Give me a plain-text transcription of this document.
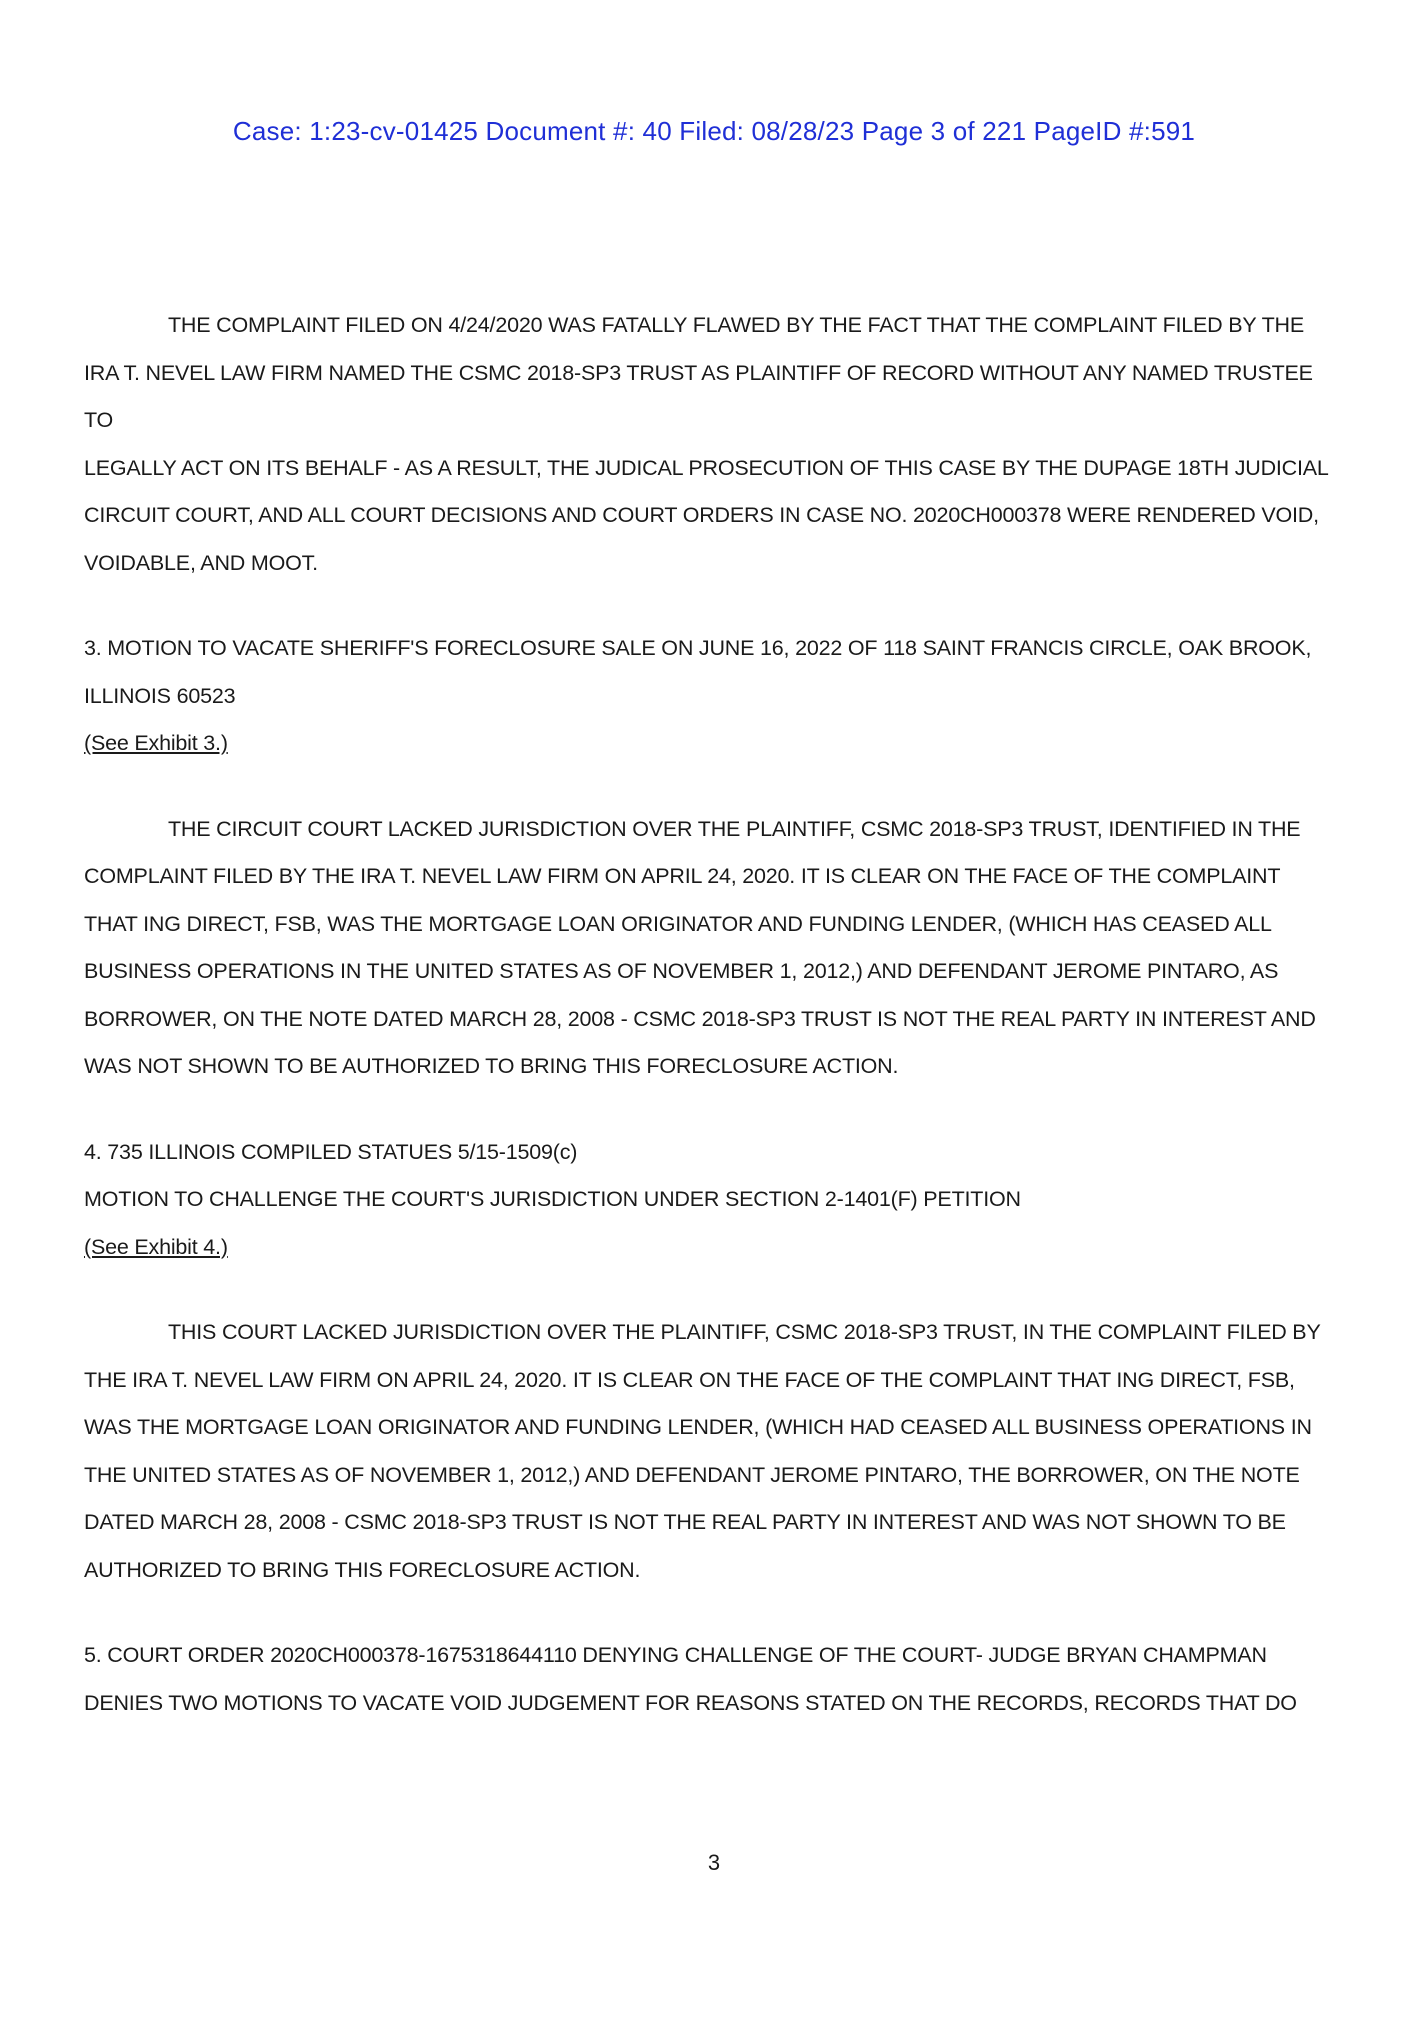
Case: 1:23-cv-01425 Document #: 40 Filed: 08/28/23 Page 3 of 221 PageID #:591
THE COMPLAINT FILED ON 4/24/2020 WAS FATALLY FLAWED BY THE FACT THAT THE COMPLAINT FILED BY THE
IRA T. NEVEL LAW FIRM NAMED THE CSMC 2018-SP3 TRUST AS PLAINTIFF OF RECORD WITHOUT ANY NAMED TRUSTEE
TO
LEGALLY ACT ON ITS BEHALF - AS A RESULT, THE JUDICAL PROSECUTION OF THIS CASE BY THE DUPAGE 18TH JUDICIAL
CIRCUIT COURT, AND ALL COURT DECISIONS AND COURT ORDERS IN CASE NO. 2020CH000378 WERE RENDERED VOID,
VOIDABLE, AND MOOT.
3. MOTION TO VACATE SHERIFF'S FORECLOSURE SALE ON JUNE 16, 2022 OF 118 SAINT FRANCIS CIRCLE, OAK BROOK,
ILLINOIS 60523
(See Exhibit 3.)
THE CIRCUIT COURT LACKED JURISDICTION OVER THE PLAINTIFF, CSMC 2018-SP3 TRUST, IDENTIFIED IN THE
COMPLAINT FILED BY THE IRA T. NEVEL LAW FIRM ON APRIL 24, 2020. IT IS CLEAR ON THE FACE OF THE COMPLAINT
THAT ING DIRECT, FSB, WAS THE MORTGAGE LOAN ORIGINATOR AND FUNDING LENDER, (WHICH HAS CEASED ALL
BUSINESS OPERATIONS IN THE UNITED STATES AS OF NOVEMBER 1, 2012,) AND DEFENDANT JEROME PINTARO, AS
BORROWER, ON THE NOTE DATED MARCH 28, 2008 - CSMC 2018-SP3 TRUST IS NOT THE REAL PARTY IN INTEREST AND
WAS NOT SHOWN TO BE AUTHORIZED TO BRING THIS FORECLOSURE ACTION.
4. 735 ILLINOIS COMPILED STATUES 5/15-1509(c)
MOTION TO CHALLENGE THE COURT'S JURISDICTION UNDER SECTION 2-1401(F) PETITION
(See Exhibit 4.)
THIS COURT LACKED JURISDICTION OVER THE PLAINTIFF, CSMC 2018-SP3 TRUST, IN THE COMPLAINT FILED BY
THE IRA T. NEVEL LAW FIRM ON APRIL 24, 2020. IT IS CLEAR ON THE FACE OF THE COMPLAINT THAT ING DIRECT, FSB,
WAS THE MORTGAGE LOAN ORIGINATOR AND FUNDING LENDER, (WHICH HAD CEASED ALL BUSINESS OPERATIONS IN
THE UNITED STATES AS OF NOVEMBER 1, 2012,) AND DEFENDANT JEROME PINTARO, THE BORROWER, ON THE NOTE
DATED MARCH 28, 2008 - CSMC 2018-SP3 TRUST IS NOT THE REAL PARTY IN INTEREST AND WAS NOT SHOWN TO BE
AUTHORIZED TO BRING THIS FORECLOSURE ACTION.
5. COURT ORDER 2020CH000378-1675318644110 DENYING CHALLENGE OF THE COURT- JUDGE BRYAN CHAMPMAN
DENIES TWO MOTIONS TO VACATE VOID JUDGEMENT FOR REASONS STATED ON THE RECORDS, RECORDS THAT DO
3
